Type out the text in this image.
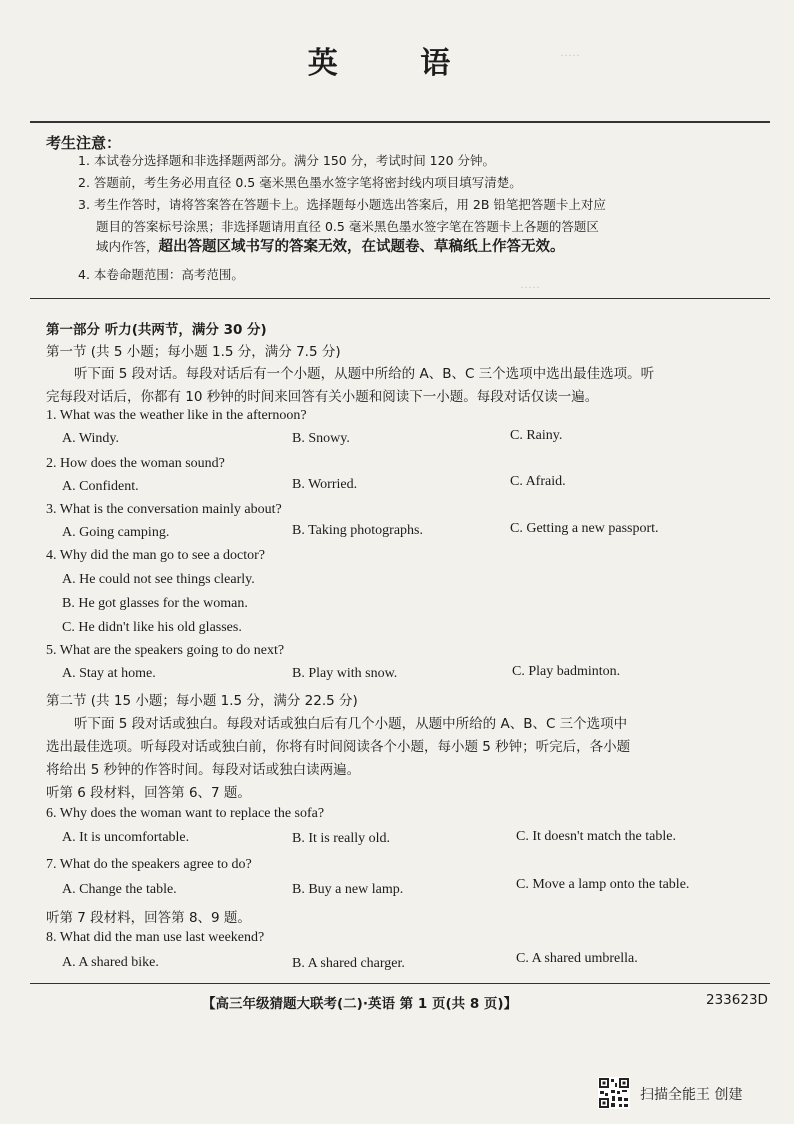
·····
·····
英 语
考生注意：
1. 本试卷分选择题和非选择题两部分。满分 150 分，考试时间 120 分钟。
2. 答题前，考生务必用直径 0.5 毫米黑色墨水签字笔将密封线内项目填写清楚。
3. 考生作答时，请将答案答在答题卡上。选择题每小题选出答案后，用 2B 铅笔把答题卡上对应
题目的答案标号涂黑；非选择题请用直径 0.5 毫米黑色墨水签字笔在答题卡上各题的答题区
域内作答，超出答题区域书写的答案无效，在试题卷、草稿纸上作答无效。
4. 本卷命题范围：高考范围。
第一部分 听力(共两节，满分 30 分)
第一节 (共 5 小题；每小题 1.5 分，满分 7.5 分)
听下面 5 段对话。每段对话后有一个小题，从题中所给的 A、B、C 三个选项中选出最佳选项。听
完每段对话后，你都有 10 秒钟的时间来回答有关小题和阅读下一小题。每段对话仅读一遍。
1. What was the weather like in the afternoon?
A. Windy.	B. Snowy.	C. Rainy.
2. How does the woman sound?
A. Confident.	B. Worried.	C. Afraid.
3. What is the conversation mainly about?
A. Going camping.	B. Taking photographs.	C. Getting a new passport.
4. Why did the man go to see a doctor?
A. He could not see things clearly.
B. He got glasses for the woman.
C. He didn't like his old glasses.
5. What are the speakers going to do next?
A. Stay at home.	B. Play with snow.	C. Play badminton.
第二节 (共 15 小题；每小题 1.5 分，满分 22.5 分)
听下面 5 段对话或独白。每段对话或独白后有几个小题，从题中所给的 A、B、C 三个选项中
选出最佳选项。听每段对话或独白前，你将有时间阅读各个小题，每小题 5 秒钟；听完后，各小题
将给出 5 秒钟的作答时间。每段对话或独白读两遍。
听第 6 段材料，回答第 6、7 题。
6. Why does the woman want to replace the sofa?
A. It is uncomfortable.	B. It is really old.	C. It doesn't match the table.
7. What do the speakers agree to do?
A. Change the table.	B. Buy a new lamp.	C. Move a lamp onto the table.
听第 7 段材料，回答第 8、9 题。
8. What did the man use last weekend?
A. A shared bike.	B. A shared charger.	C. A shared umbrella.
【高三年级猜题大联考(二)·英语 第 1 页(共 8 页)】	233623D
扫描全能王 创建
